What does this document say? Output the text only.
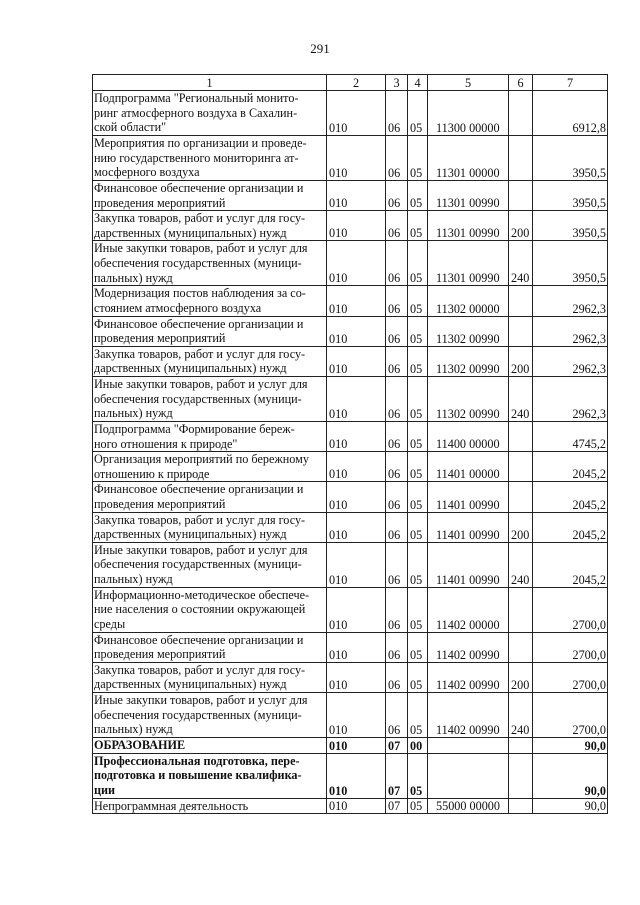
291
1	2	3	4	5	6	7

Подпрограмма "Региональный монито-
ринг атмосферного воздуха в Сахалин-
ской области"	010	06	05	11300 00000		6912,8

Мероприятия по организации и проведе-
нию государственного мониторинга ат-
мосферного воздуха	010	06	05	11301 00000		3950,5

Финансовое обеспечение организации и
проведения мероприятий	010	06	05	11301 00990		3950,5

Закупка товаров, работ и услуг для госу-
дарственных (муниципальных) нужд	010	06	05	11301 00990	200	3950,5

Иные закупки товаров, работ и услуг для
обеспечения государственных (муници-
пальных) нужд	010	06	05	11301 00990	240	3950,5

Модернизация постов наблюдения за со-
стоянием атмосферного воздуха	010	06	05	11302 00000		2962,3

Финансовое обеспечение организации и
проведения мероприятий	010	06	05	11302 00990		2962,3

Закупка товаров, работ и услуг для госу-
дарственных (муниципальных) нужд	010	06	05	11302 00990	200	2962,3

Иные закупки товаров, работ и услуг для
обеспечения государственных (муници-
пальных) нужд	010	06	05	11302 00990	240	2962,3

Подпрограмма "Формирование береж-
ного отношения к природе"	010	06	05	11400 00000		4745,2

Организация мероприятий по бережному
отношению к природе	010	06	05	11401 00000		2045,2

Финансовое обеспечение организации и
проведения мероприятий	010	06	05	11401 00990		2045,2

Закупка товаров, работ и услуг для госу-
дарственных (муниципальных) нужд	010	06	05	11401 00990	200	2045,2

Иные закупки товаров, работ и услуг для
обеспечения государственных (муници-
пальных) нужд	010	06	05	11401 00990	240	2045,2

Информационно-методическое обеспече-
ние населения о состоянии окружающей
среды	010	06	05	11402 00000		2700,0

Финансовое обеспечение организации и
проведения мероприятий	010	06	05	11402 00990		2700,0

Закупка товаров, работ и услуг для госу-
дарственных (муниципальных) нужд	010	06	05	11402 00990	200	2700,0

Иные закупки товаров, работ и услуг для
обеспечения государственных (муници-
пальных) нужд	010	06	05	11402 00990	240	2700,0

ОБРАЗОВАНИЕ	010	07	00			90,0

Профессиональная подготовка, пере-
подготовка и повышение квалифика-
ции	010	07	05			90,0

Непрограммная деятельность	010	07	05	55000 00000		90,0
